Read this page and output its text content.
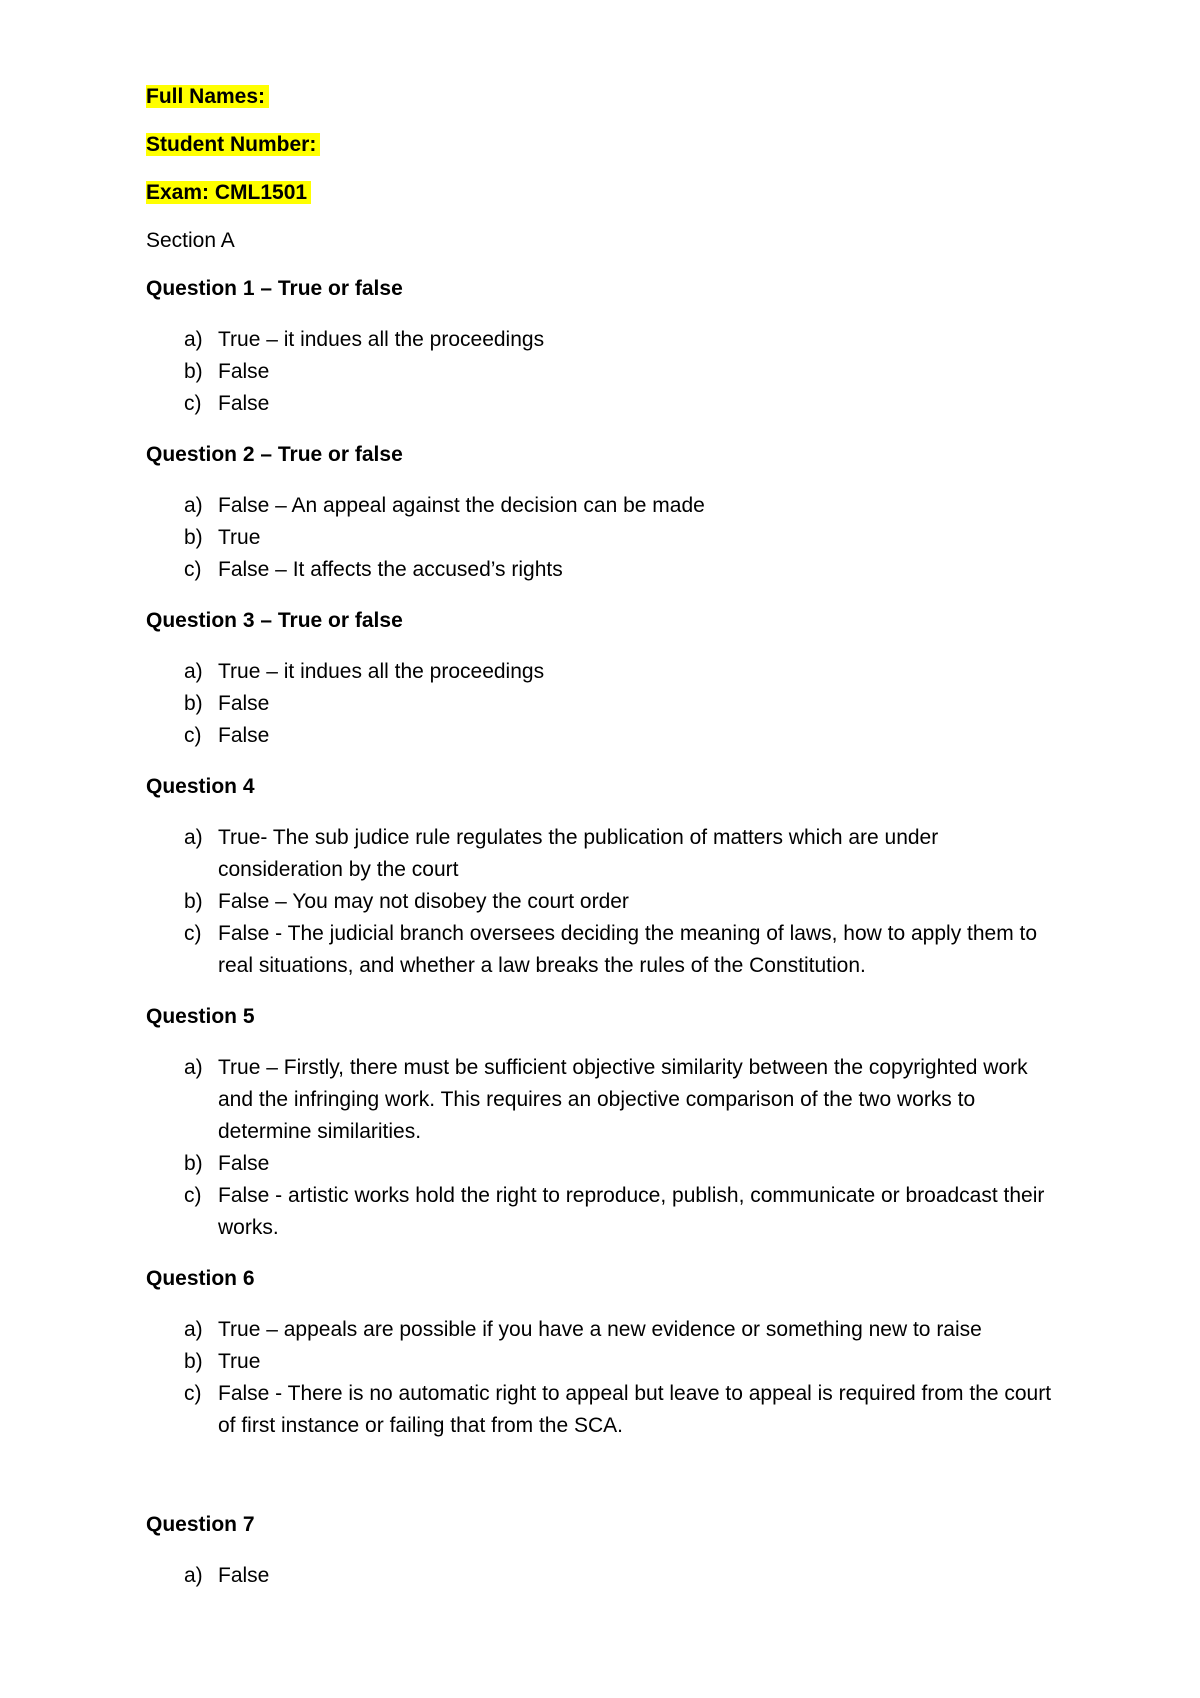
Full Names:
Student Number:
Exam: CML1501
Section A
Question 1 – True or false
a) True – it indues all the proceedings
b) False
c) False
Question 2 – True or false
a) False – An appeal against the decision can be made
b) True
c) False – It affects the accused’s rights
Question 3 – True or false
a) True – it indues all the proceedings
b) False
c) False
Question 4
a) True- The sub judice rule regulates the publication of matters which are under consideration by the court
b) False – You may not disobey the court order
c) False - The judicial branch oversees deciding the meaning of laws, how to apply them to real situations, and whether a law breaks the rules of the Constitution.
Question 5
a) True – Firstly, there must be sufficient objective similarity between the copyrighted work and the infringing work. This requires an objective comparison of the two works to determine similarities.
b) False
c) False - artistic works hold the right to reproduce, publish, communicate or broadcast their works.
Question 6
a) True – appeals are possible if you have a new evidence or something new to raise
b) True
c) False - There is no automatic right to appeal but leave to appeal is required from the court of first instance or failing that from the SCA.
Question 7
a) False
